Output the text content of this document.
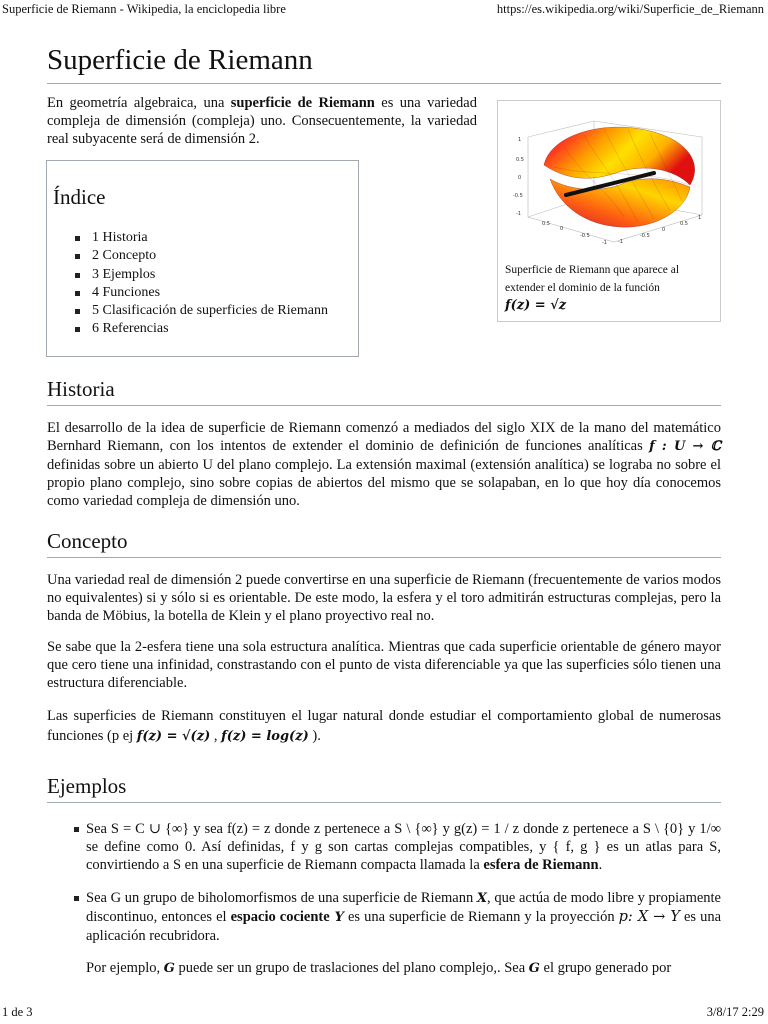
Superficie de Riemann - Wikipedia, la enciclopedia libre	https://es.wikipedia.org/wiki/Superficie_de_Riemann
Superficie de Riemann

En geometría algebraica, una superficie de Riemann es una variedad compleja de dimensión (compleja) uno. Consecuentemente, la variedad real subyacente será de dimensión 2.	1
0.5
0
-0.5
-1
0.5
0
-0.5
-1 -1
-0.5
0
0.5
1
Superficie de Riemann que aparece al extender el dominio de la función
f(z) = √z
Índice
1 Historia
2 Concepto
3 Ejemplos
4 Funciones
5 Clasificación de superficies de Riemann
6 Referencias
Historia

El desarrollo de la idea de superficie de Riemann comenzó a mediados del siglo XIX de la mano del matemático Bernhard Riemann, con los intentos de extender el dominio de definición de funciones analíticas f : U → ℂ definidas sobre un abierto U del plano complejo. La extensión maximal (extensión analítica) se lograba no sobre el propio plano complejo, sino sobre copias de abiertos del mismo que se solapaban, en lo que hoy día conocemos como variedad compleja de dimensión uno.

Concepto

Una variedad real de dimensión 2 puede convertirse en una superficie de Riemann (frecuentemente de varios modos no equivalentes) si y sólo si es orientable. De este modo, la esfera y el toro admitirán estructuras complejas, pero la banda de Möbius, la botella de Klein y el plano proyectivo real no.

Se sabe que la 2-esfera tiene una sola estructura analítica. Mientras que cada superficie orientable de género mayor que cero tiene una infinidad, constrastando con el punto de vista diferenciable ya que las superficies sólo tienen una estructura diferenciable.

Las superficies de Riemann constituyen el lugar natural donde estudiar el comportamiento global de numerosas funciones (p ej f(z) = √(z) , f(z) = log(z) ).

Ejemplos
Sea S = C ∪ {∞} y sea f(z) = z donde z pertenece a S \ {∞} y g(z) = 1 / z donde z pertenece a S \ {0} y 1/∞ se define como 0. Así definidas, f y g son cartas complejas compatibles, y { f, g } es un atlas para S, convirtiendo a S en una superficie de Riemann compacta llamada la esfera de Riemann.
Sea G un grupo de biholomorfismos de una superficie de Riemann X, que actúa de modo libre y propiamente discontinuo, entonces el espacio cociente Y es una superficie de Riemann y la proyección p: X → Y es una aplicación recubridora.

Por ejemplo, G puede ser un grupo de traslaciones del plano complejo,. Sea G el grupo generado por

1 de 3	3/8/17 2:29
